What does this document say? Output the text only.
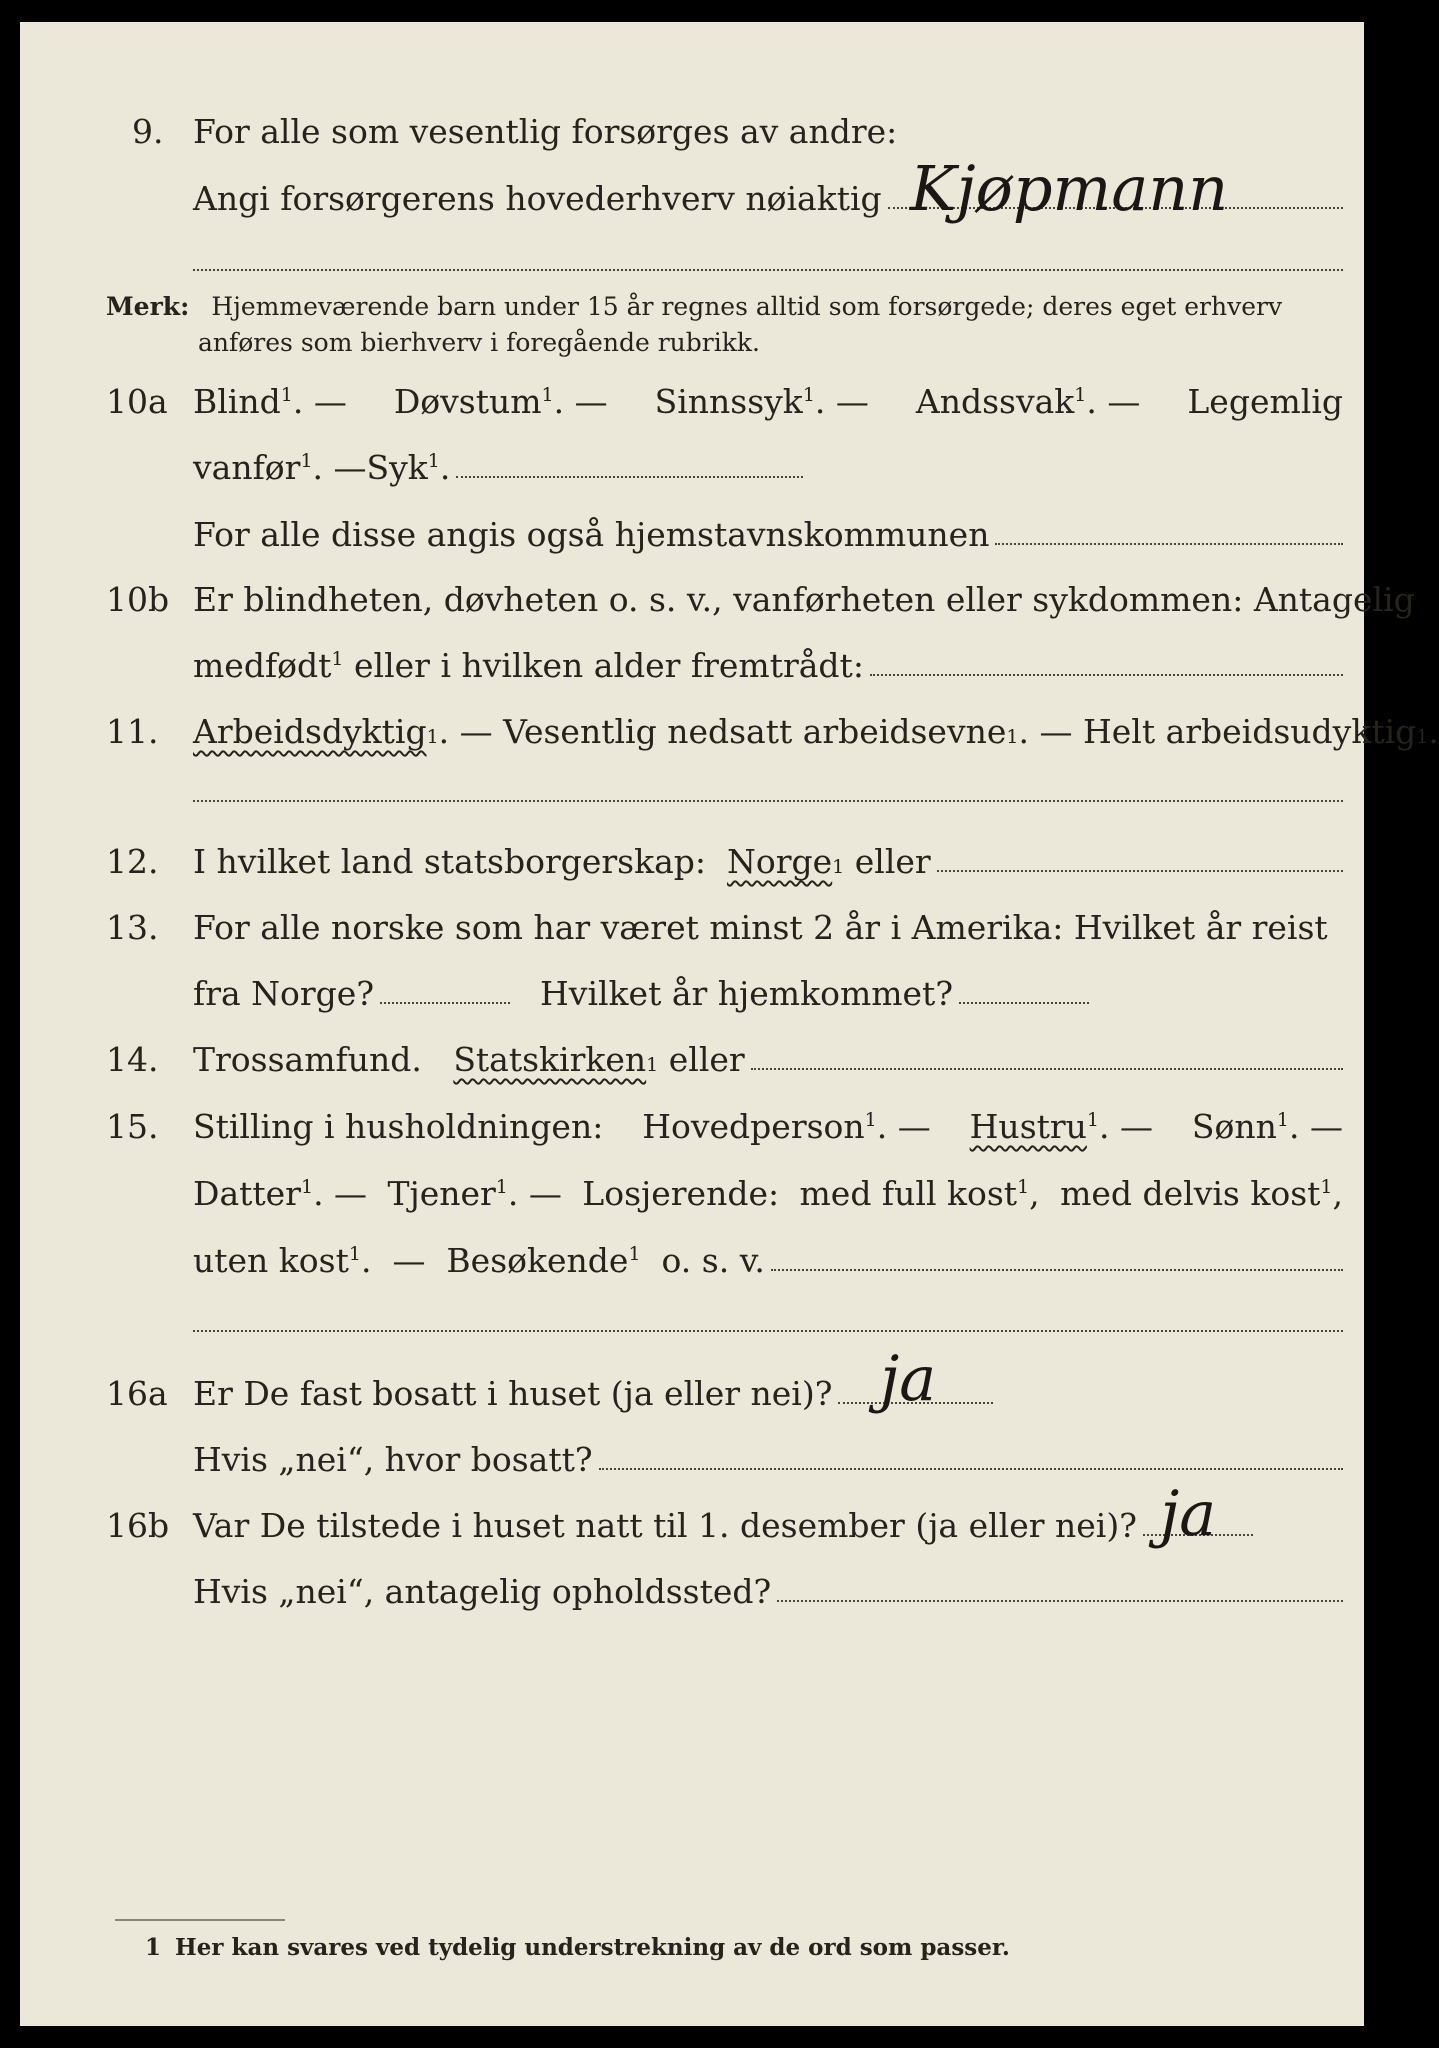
9. For alle som vesentlig forsørges av andre:
Angi forsørgerens hovederhverv nøiaktig Kjøpmann
Merk: Hjemmeværende barn under 15 år regnes alltid som forsørgede; deres eget erhverv
anføres som bierhverv i foregående rubrikk.
10a Blind$^1$. — Døvstum$^1$. — Sinnssyk$^1$. — Andssvak$^1$. — Legemlig
vanfør$^1$. — Syk$^1$.
For alle disse angis også hjemstavnskommunen
10b Er blindheten, døvheten o. s. v., vanførheten eller sykdommen: Antagelig
medfødt$^1$ eller i hvilken alder fremtrådt:
11. Arbeidsdyktig 1 . —
Vesentlig nedsatt arbeidsevne 1 . —
Helt arbeidsudyktig 1 .
12. I hvilket land statsborgerskap:
Norge 1
eller
13. For alle norske som har været minst 2 år i Amerika: Hvilket år reist
fra Norge?	Hvilket år hjemkommet?
14. Trossamfund.
Statskirken 1
eller
15. Stilling i husholdningen: Hovedperson$^1$. — Hustru$^1$. — Sønn$^1$. —
Datter$^1$. — Tjener$^1$. — Losjerende: med full kost$^1$, med delvis kost$^1$,
uten kost$^1$.  — Besøkende$^1$ o. s. v.
16a Er De fast bosatt i huset (ja eller nei)? ja
Hvis „nei“, hvor bosatt?
16b Var De tilstede i huset natt til 1. desember (ja eller nei)? ja
Hvis „nei“, antagelig opholdssted?
1 Her kan svares ved tydelig understrekning av de ord som passer.
